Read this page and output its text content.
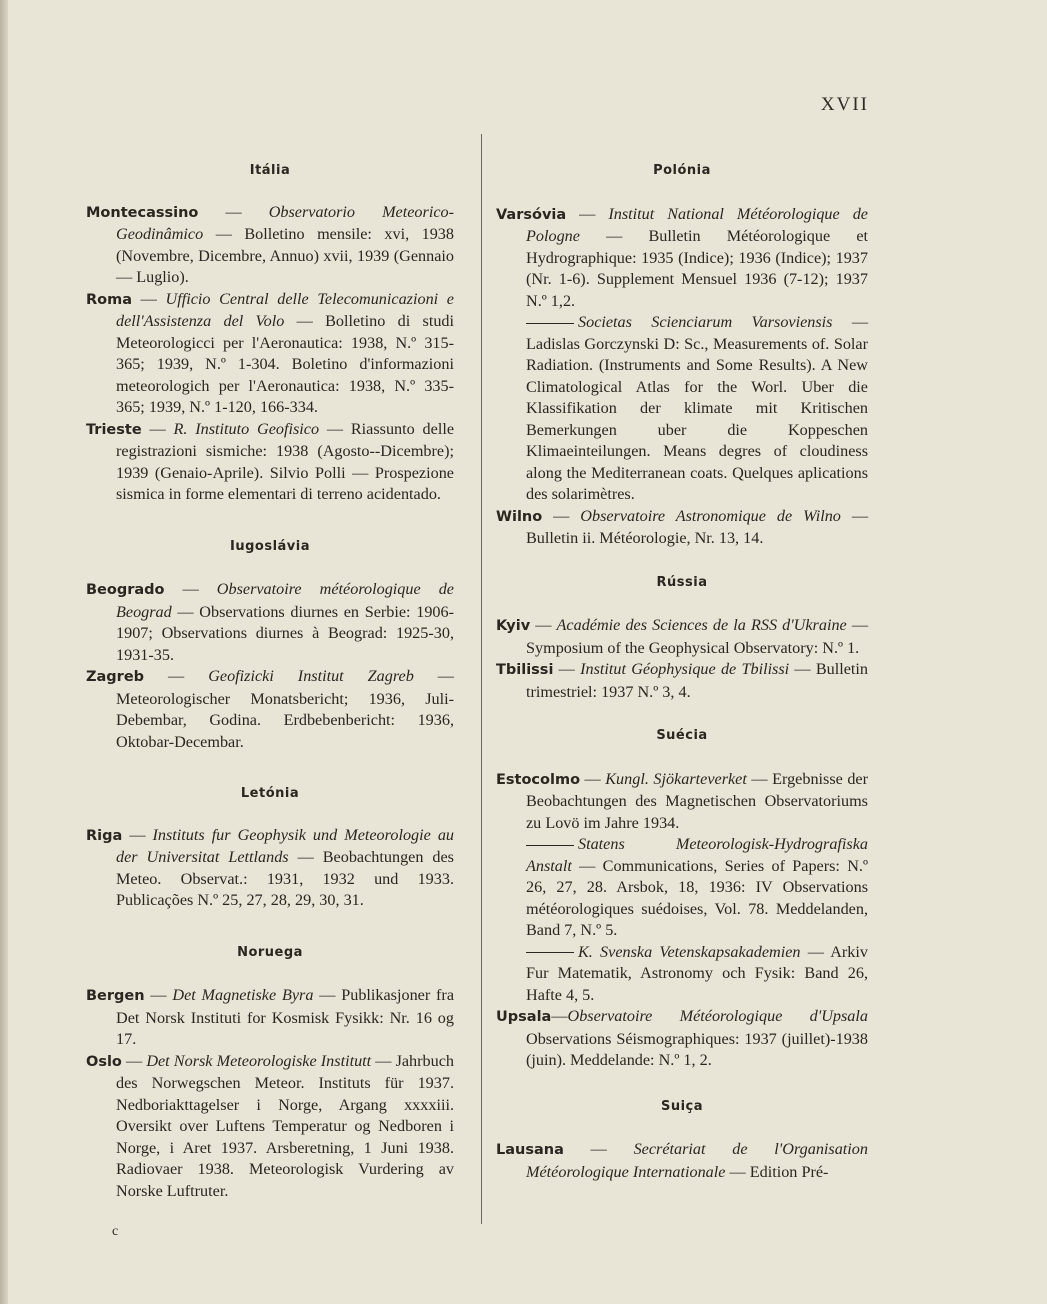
XVII
Itália
Montecassino — Observatorio Meteorico-Geodinâmico — Bolletino mensile: xvi, 1938 (Novembre, Dicembre, Annuo) xvii, 1939 (Gennaio — Luglio).
Roma — Ufficio Central delle Telecomunicazioni e dell'Assistenza del Volo — Bolletino di studi Meteorologicci per l'Aeronautica: 1938, N.º 315-365; 1939, N.º 1-304. Boletino d'informazioni meteorologich per l'Aeronautica: 1938, N.º 335-365; 1939, N.º 1-120, 166-334.
Trieste — R. Instituto Geofisico — Riassunto delle registrazioni sismiche: 1938 (Agosto--Dicembre); 1939 (Genaio-Aprile). Silvio Polli — Prospezione sismica in forme elementari di terreno acidentado.
Iugoslávia
Beogrado — Observatoire météorologique de Beograd — Observations diurnes en Serbie: 1906-1907; Observations diurnes à Beograd: 1925-30, 1931-35.
Zagreb — Geofizicki Institut Zagreb — Meteorologischer Monatsbericht; 1936, Juli-Debembar, Godina. Erdbebenbericht: 1936, Oktobar-Decembar.
Letónia
Riga — Instituts fur Geophysik und Meteorologie au der Universitat Lettlands — Beobachtungen des Meteo. Observat.: 1931, 1932 und 1933. Publicações N.º 25, 27, 28, 29, 30, 31.
Noruega
Bergen — Det Magnetiske Byra — Publikasjoner fra Det Norsk Instituti for Kosmisk Fysikk: Nr. 16 og 17.
Oslo — Det Norsk Meteorologiske Institutt — Jahrbuch des Norwegschen Meteor. Instituts für 1937. Nedboriakttagelser i Norge, Argang xxxxiii. Oversikt over Luftens Temperatur og Nedboren i Norge, i Aret 1937. Arsberetning, 1 Juni 1938. Radiovaer 1938. Meteorologisk Vurdering av Norske Luftruter.
Polónia
Varsóvia — Institut National Météorologique de Pologne — Bulletin Météorologique et Hydrographique: 1935 (Indice); 1936 (Indice); 1937 (Nr. 1-6). Supplement Mensuel 1936 (7-12); 1937 N.º 1,2.
Societas Scienciarum Varsoviensis — Ladislas Gorczynski D: Sc., Measurements of. Solar Radiation. (Instruments and Some Results). A New Climatological Atlas for the Worl. Uber die Klassifikation der klimate mit Kritischen Bemerkungen uber die Koppeschen Klimaeinteilungen. Means degres of cloudiness along the Mediterranean coats. Quelques aplications des solarimètres.
Wilno — Observatoire Astronomique de Wilno — Bulletin ii. Météorologie, Nr. 13, 14.
Rússia
Kyiv — Académie des Sciences de la RSS d'Ukraine — Symposium of the Geophysical Observatory: N.º 1.
Tbilissi — Institut Géophysique de Tbilissi — Bulletin trimestriel: 1937 N.º 3, 4.
Suécia
Estocolmo — Kungl. Sjökarteverket — Ergebnisse der Beobachtungen des Magnetischen Observatoriums zu Lovö im Jahre 1934.
Statens Meteorologisk-Hydrografiska Anstalt — Communications, Series of Papers: N.º 26, 27, 28. Arsbok, 18, 1936: IV Observations météorologiques suédoises, Vol. 78. Meddelanden, Band 7, N.º 5.
K. Svenska Vetenskapsakademien — Arkiv Fur Matematik, Astronomy och Fysik: Band 26, Hafte 4, 5.
Upsala—Observatoire Météorologique d'Upsala Observations Séismographiques: 1937 (juillet)-1938 (juin). Meddelande: N.º 1, 2.
Suiça
Lausana — Secrétariat de l'Organisation Météorologique Internationale — Edition Pré-
c
